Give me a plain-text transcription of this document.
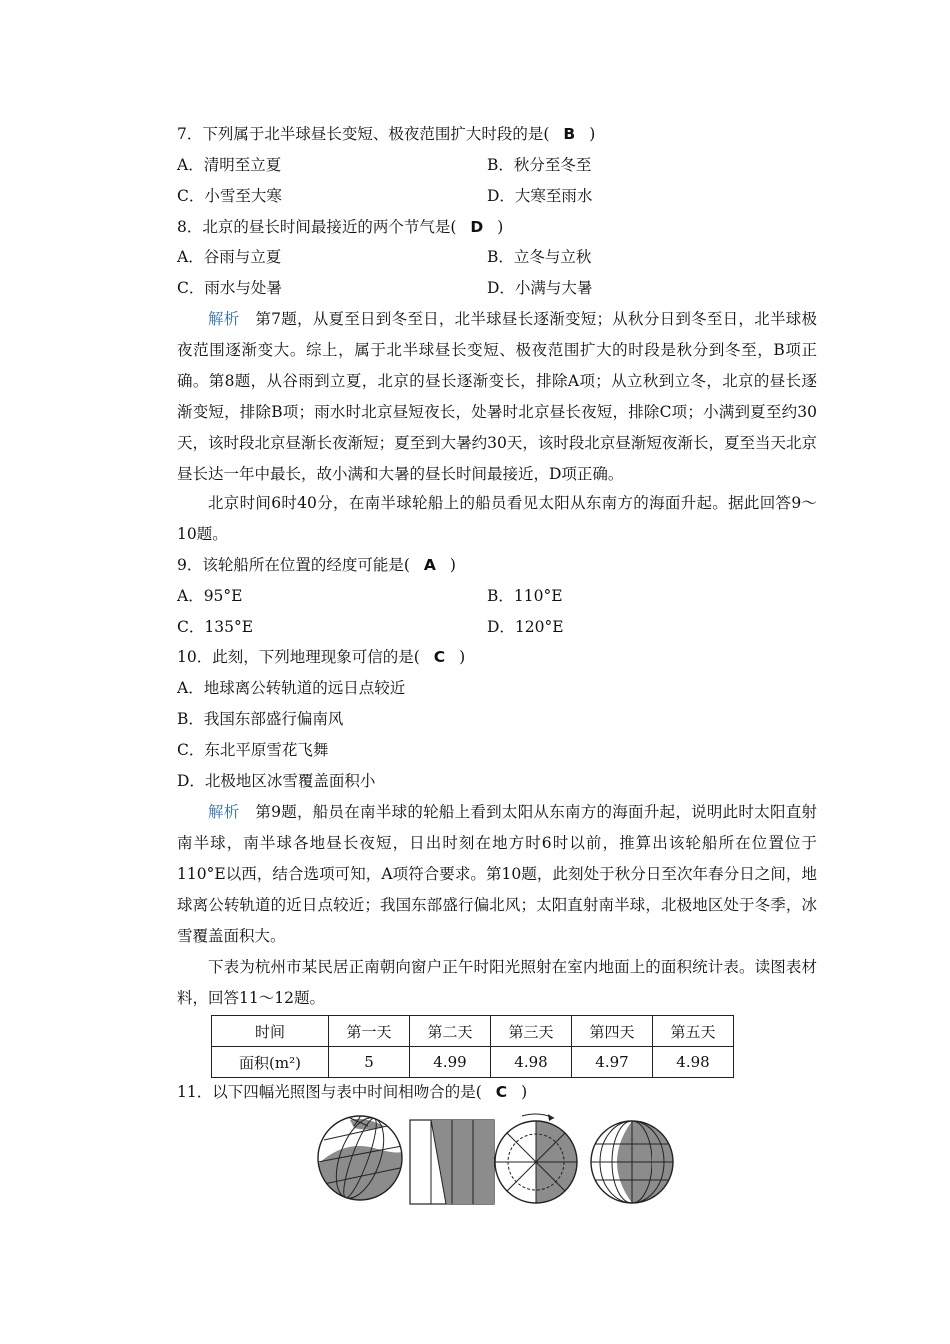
7．下列属于北半球昼长变短、极夜范围扩大时段的是( B )
A．清明至立夏	B．秋分至冬至
C．小雪至大寒	D．大寒至雨水
8．北京的昼长时间最接近的两个节气是( D )
A．谷雨与立夏	B．立冬与立秋
C．雨水与处暑	D．小满与大暑
解析　第7题，从夏至日到冬至日，北半球昼长逐渐变短；从秋分日到冬至日，北半球极夜范围逐渐变大。综上，属于北半球昼长变短、极夜范围扩大的时段是秋分到冬至，B项正确。第8题，从谷雨到立夏，北京的昼长逐渐变长，排除A项；从立秋到立冬，北京的昼长逐渐变短，排除B项；雨水时北京昼短夜长，处暑时北京昼长夜短，排除C项；小满到夏至约30天，该时段北京昼渐长夜渐短；夏至到大暑约30天，该时段北京昼渐短夜渐长，夏至当天北京昼长达一年中最长，故小满和大暑的昼长时间最接近，D项正确。
北京时间6时40分，在南半球轮船上的船员看见太阳从东南方的海面升起。据此回答9～10题。
9．该轮船所在位置的经度可能是( A )
A．95°E	B．110°E
C．135°E	D．120°E
10．此刻，下列地理现象可信的是( C )
A．地球离公转轨道的远日点较近
B．我国东部盛行偏南风
C．东北平原雪花飞舞
D．北极地区冰雪覆盖面积小
解析　第9题，船员在南半球的轮船上看到太阳从东南方的海面升起，说明此时太阳直射南半球，南半球各地昼长夜短，日出时刻在地方时6时以前，推算出该轮船所在位置位于110°E以西，结合选项可知，A项符合要求。第10题，此刻处于秋分日至次年春分日之间，地球离公转轨道的近日点较近；我国东部盛行偏北风；太阳直射南半球，北极地区处于冬季，冰雪覆盖面积大。
下表为杭州市某民居正南朝向窗户正午时阳光照射在室内地面上的面积统计表。读图表材料，回答11～12题。
时间	第一天	第二天	第三天	第四天	第五天
面积(m²)	5	4.99	4.98	4.97	4.98
11．以下四幅光照图与表中时间相吻合的是( C )
